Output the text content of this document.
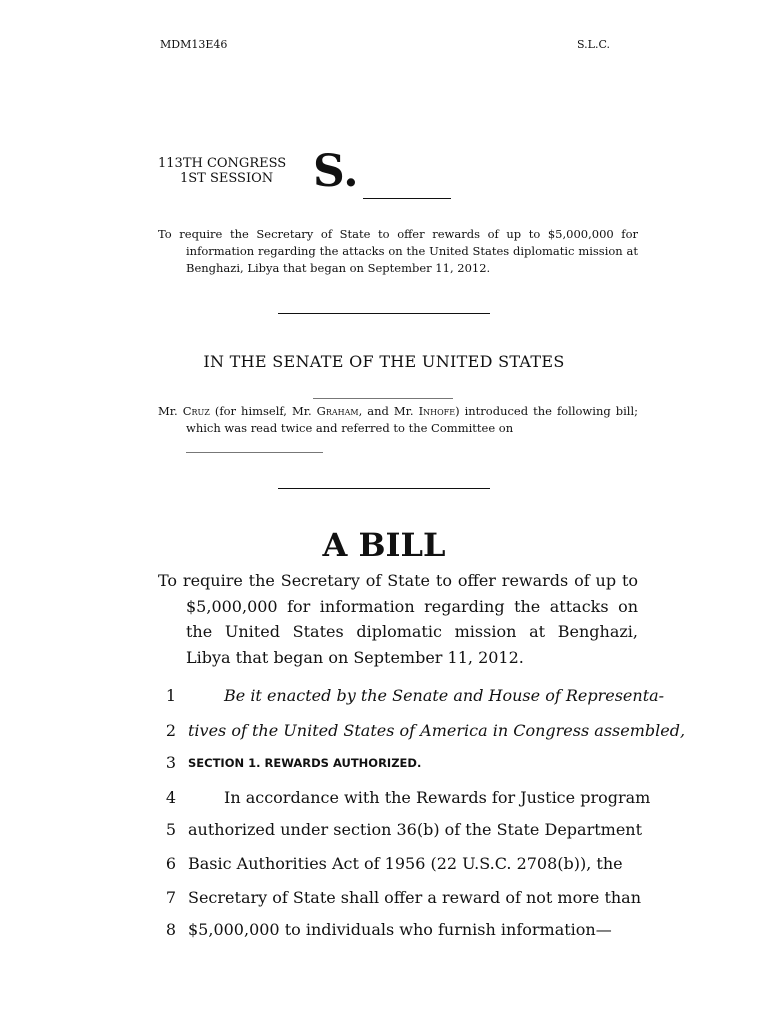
MDM13E46	S.L.C.
113TH CONGRESS
1ST SESSION S.
To require the Secretary of State to offer rewards of up to $5,000,000 for information regarding the attacks on the United States diplomatic mission at Benghazi, Libya that began on September 11, 2012.
IN THE SENATE OF THE UNITED STATES
Mr. Cruz (for himself, Mr. Graham, and Mr. Inhofe) introduced the following bill; which was read twice and referred to the Committee on
A BILL
To require the Secretary of State to offer rewards of up to $5,000,000 for information regarding the attacks on the United States diplomatic mission at Benghazi, Libya that began on September 11, 2012.
1	Be it enacted by the Senate and House of Representa-
2 tives of the United States of America in Congress assembled,
3 SECTION 1. REWARDS AUTHORIZED.
4	In accordance with the Rewards for Justice program
5 authorized under section 36(b) of the State Department
6 Basic Authorities Act of 1956 (22 U.S.C. 2708(b)), the
7 Secretary of State shall offer a reward of not more than
8 $5,000,000 to individuals who furnish information—
